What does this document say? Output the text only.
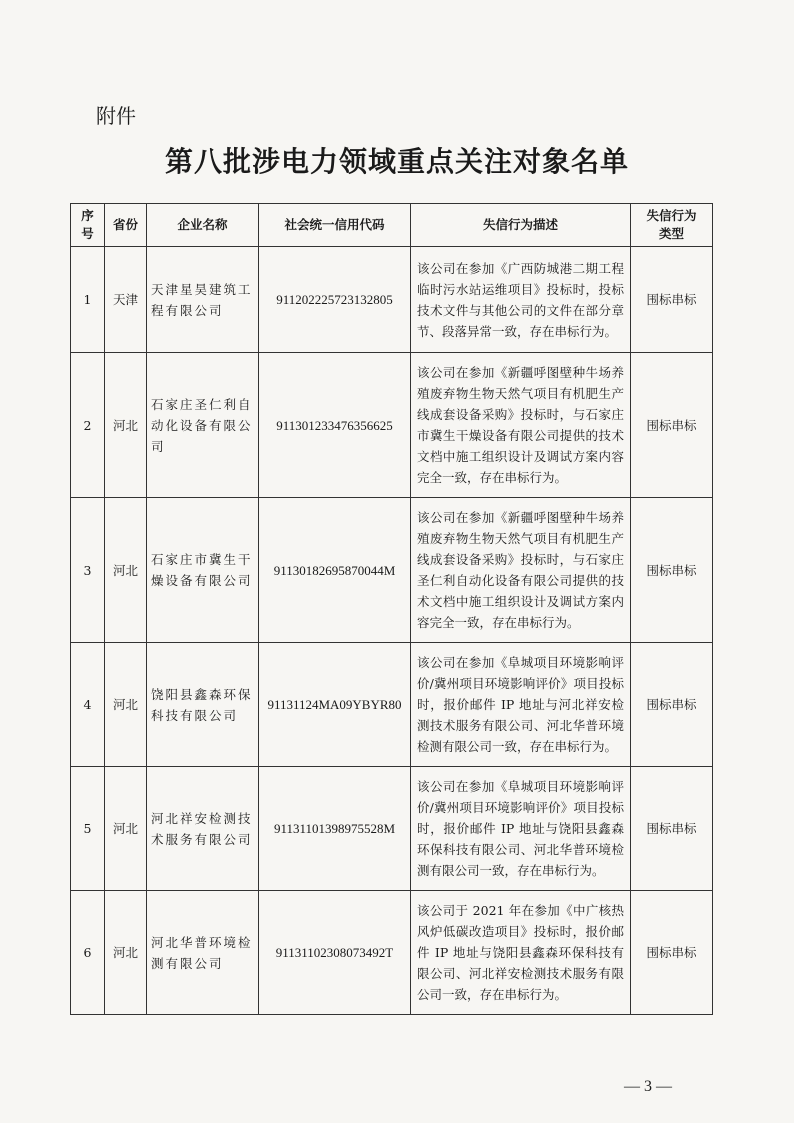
附件
第八批涉电力领域重点关注对象名单
序号	省份	企业名称	社会统一信用代码	失信行为描述	失信行为类型
1	天津	天津星昊建筑工程有限公司	911202225723132805	该公司在参加《广西防城港二期工程临时污水站运维项目》投标时，投标技术文件与其他公司的文件在部分章节、段落异常一致，存在串标行为。	围标串标
2	河北	石家庄圣仁利自动化设备有限公司	911301233476356625	该公司在参加《新疆呼图壁种牛场养殖废弃物生物天然气项目有机肥生产线成套设备采购》投标时，与石家庄市冀生干燥设备有限公司提供的技术文档中施工组织设计及调试方案内容完全一致，存在串标行为。	围标串标
3	河北	石家庄市冀生干燥设备有限公司	91130182695870044M	该公司在参加《新疆呼图壁种牛场养殖废弃物生物天然气项目有机肥生产线成套设备采购》投标时，与石家庄圣仁利自动化设备有限公司提供的技术文档中施工组织设计及调试方案内容完全一致，存在串标行为。	围标串标
4	河北	饶阳县鑫森环保科技有限公司	91131124MA09YBYR80	该公司在参加《阜城项目环境影响评价/冀州项目环境影响评价》项目投标时，报价邮件 IP 地址与河北祥安检测技术服务有限公司、河北华普环境检测有限公司一致，存在串标行为。	围标串标
5	河北	河北祥安检测技术服务有限公司	91131101398975528M	该公司在参加《阜城项目环境影响评价/冀州项目环境影响评价》项目投标时，报价邮件 IP 地址与饶阳县鑫森环保科技有限公司、河北华普环境检测有限公司一致，存在串标行为。	围标串标
6	河北	河北华普环境检测有限公司	91131102308073492T	该公司于 2021 年在参加《中广核热风炉低碳改造项目》投标时，报价邮件 IP 地址与饶阳县鑫森环保科技有限公司、河北祥安检测技术服务有限公司一致，存在串标行为。	围标串标
— 3 —
